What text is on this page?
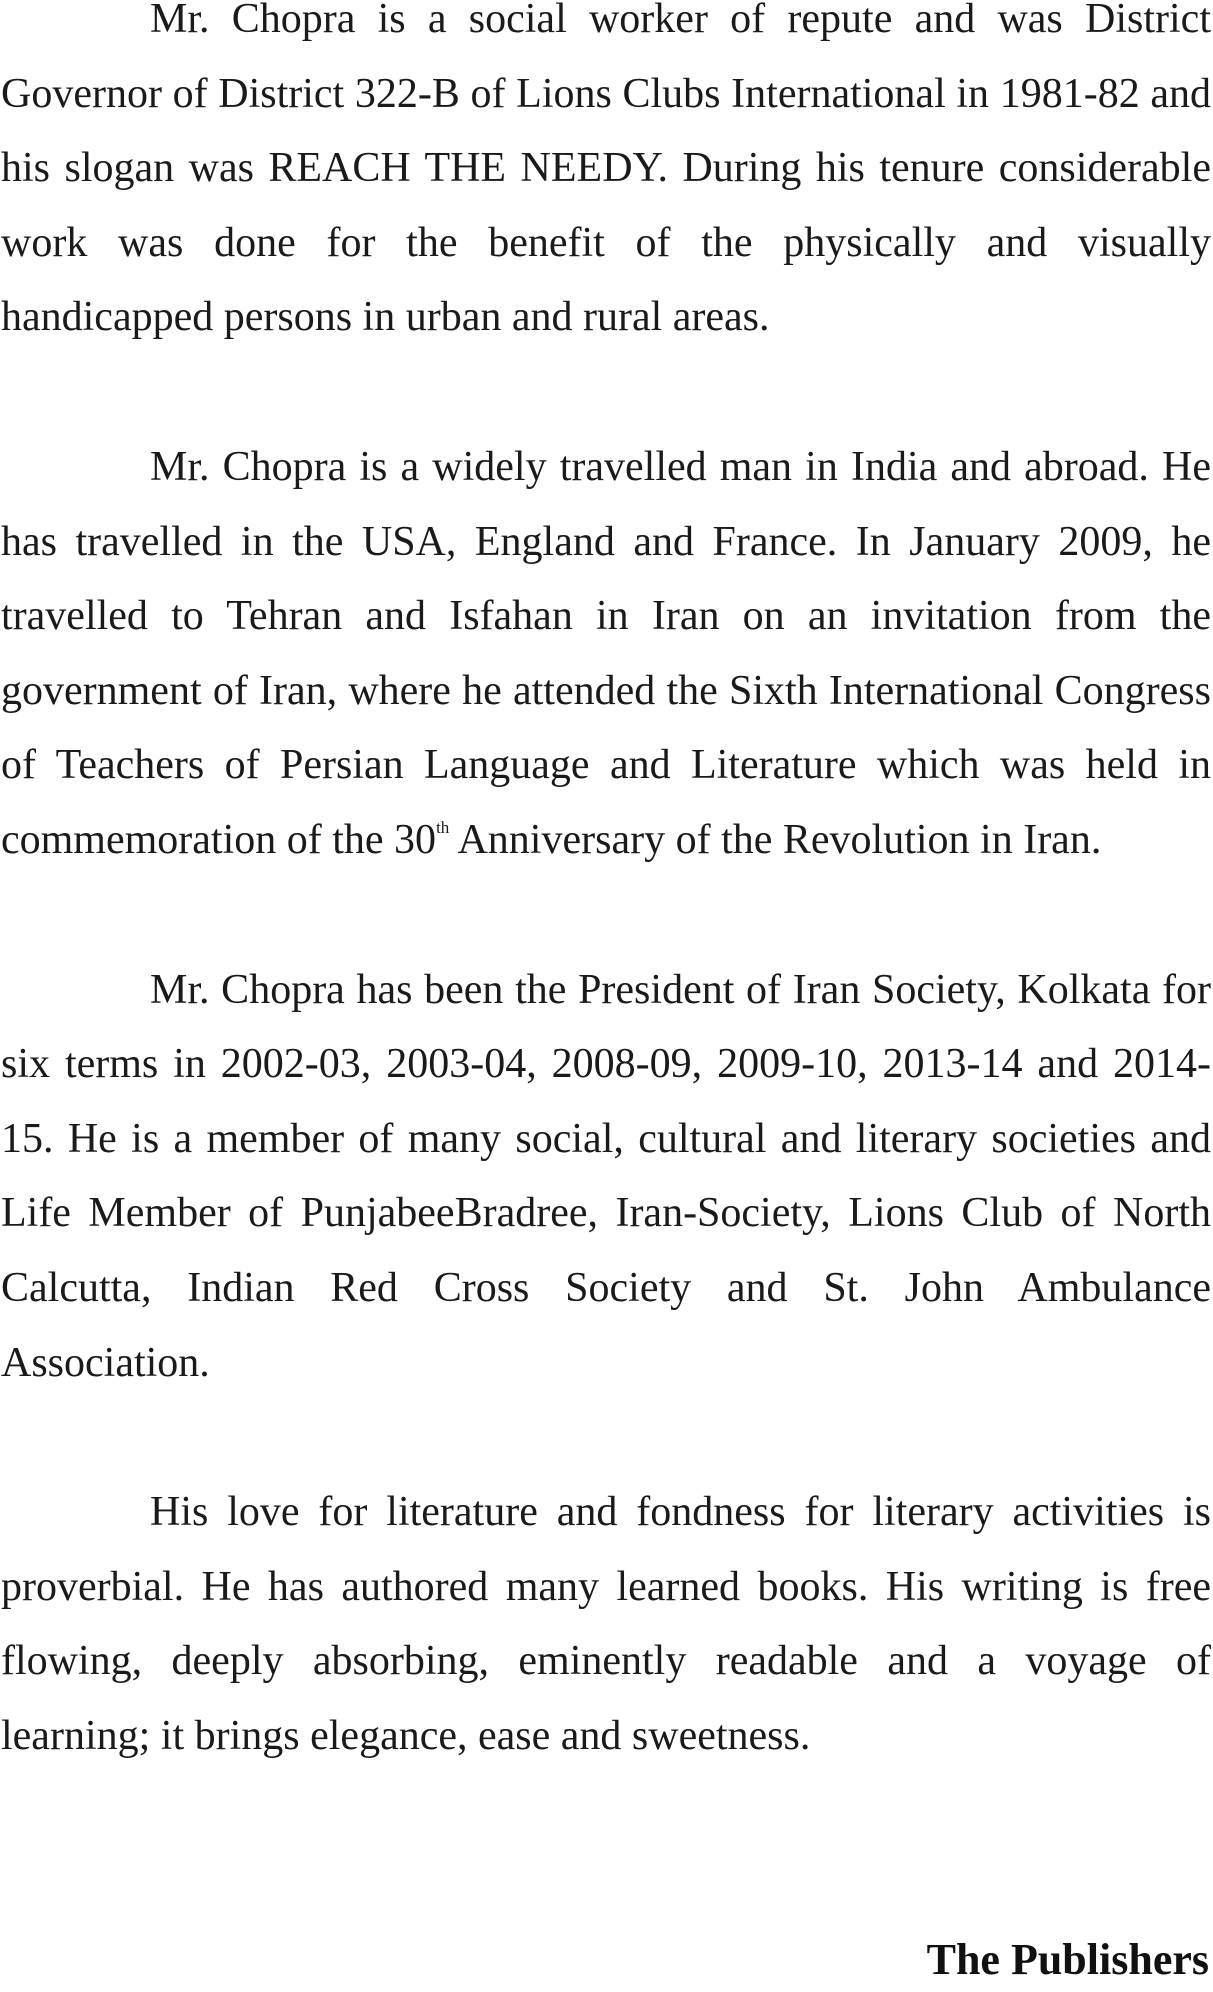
Mr. Chopra is a social worker of repute and was District Governor of District 322-B of Lions Clubs International in 1981-82 and his slogan was REACH THE NEEDY. During his tenure considerable work was done for the benefit of the physically and visually handicapped persons in urban and rural areas.

Mr. Chopra is a widely travelled man in India and abroad. He has travelled in the USA, England and France. In January 2009, he travelled to Tehran and Isfahan in Iran on an invitation from the government of Iran, where he attended the Sixth International Congress of Teachers of Persian Language and Literature which was held in commemoration of the 30th Anniversary of the Revolution in Iran.

Mr. Chopra has been the President of Iran Society, Kolkata for six terms in 2002-03, 2003-04, 2008-09, 2009-10, 2013-14 and 2014-15. He is a member of many social, cultural and literary societies and Life Member of PunjabeeBradree, Iran-Society, Lions Club of North Calcutta, Indian Red Cross Society and St. John Ambulance Association.

His love for literature and fondness for literary activities is proverbial. He has authored many learned books. His writing is free flowing, deeply absorbing, eminently readable and a voyage of learning; it brings elegance, ease and sweetness.

The Publishers
